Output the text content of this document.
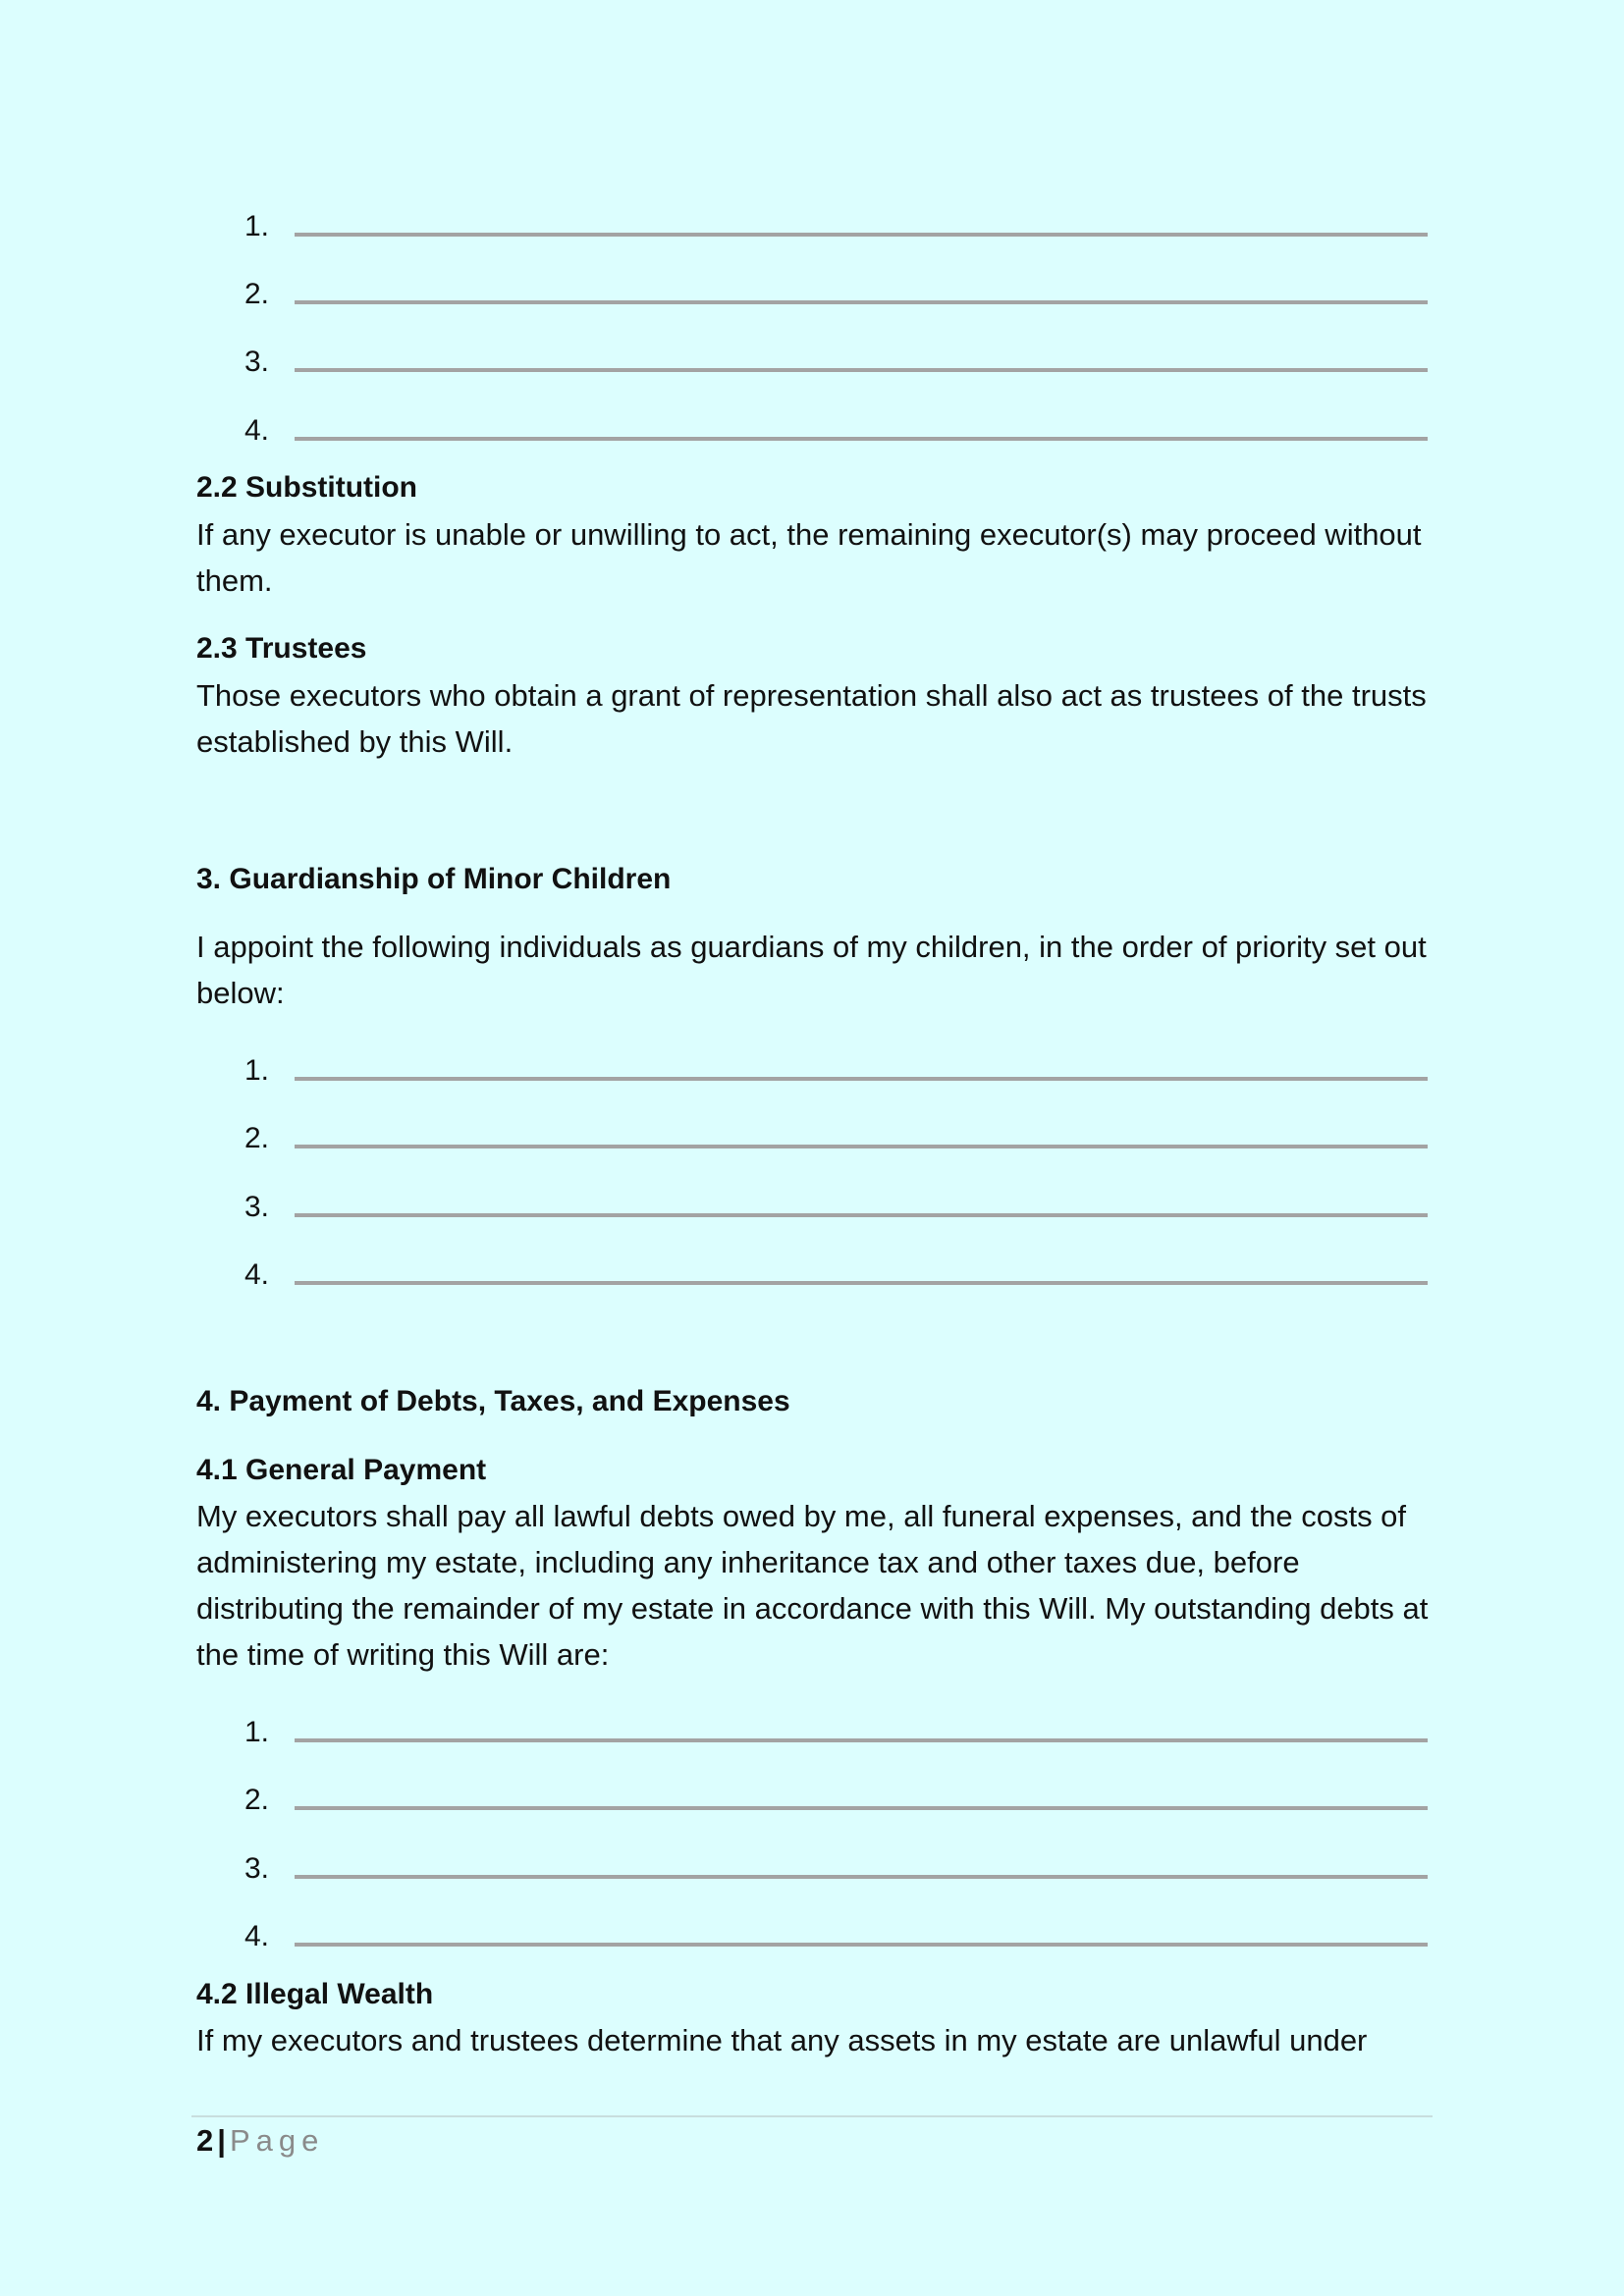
1.
2.
3.
4.
2.2 Substitution
If any executor is unable or unwilling to act, the remaining executor(s) may proceed without them.
2.3 Trustees
Those executors who obtain a grant of representation shall also act as trustees of the trusts established by this Will.
3. Guardianship of Minor Children
I appoint the following individuals as guardians of my children, in the order of priority set out below:
1.
2.
3.
4.
4. Payment of Debts, Taxes, and Expenses
4.1 General Payment
My executors shall pay all lawful debts owed by me, all funeral expenses, and the costs of administering my estate, including any inheritance tax and other taxes due, before distributing the remainder of my estate in accordance with this Will. My outstanding debts at the time of writing this Will are:
1.
2.
3.
4.
4.2 Illegal Wealth
If my executors and trustees determine that any assets in my estate are unlawful under
2 | Page
